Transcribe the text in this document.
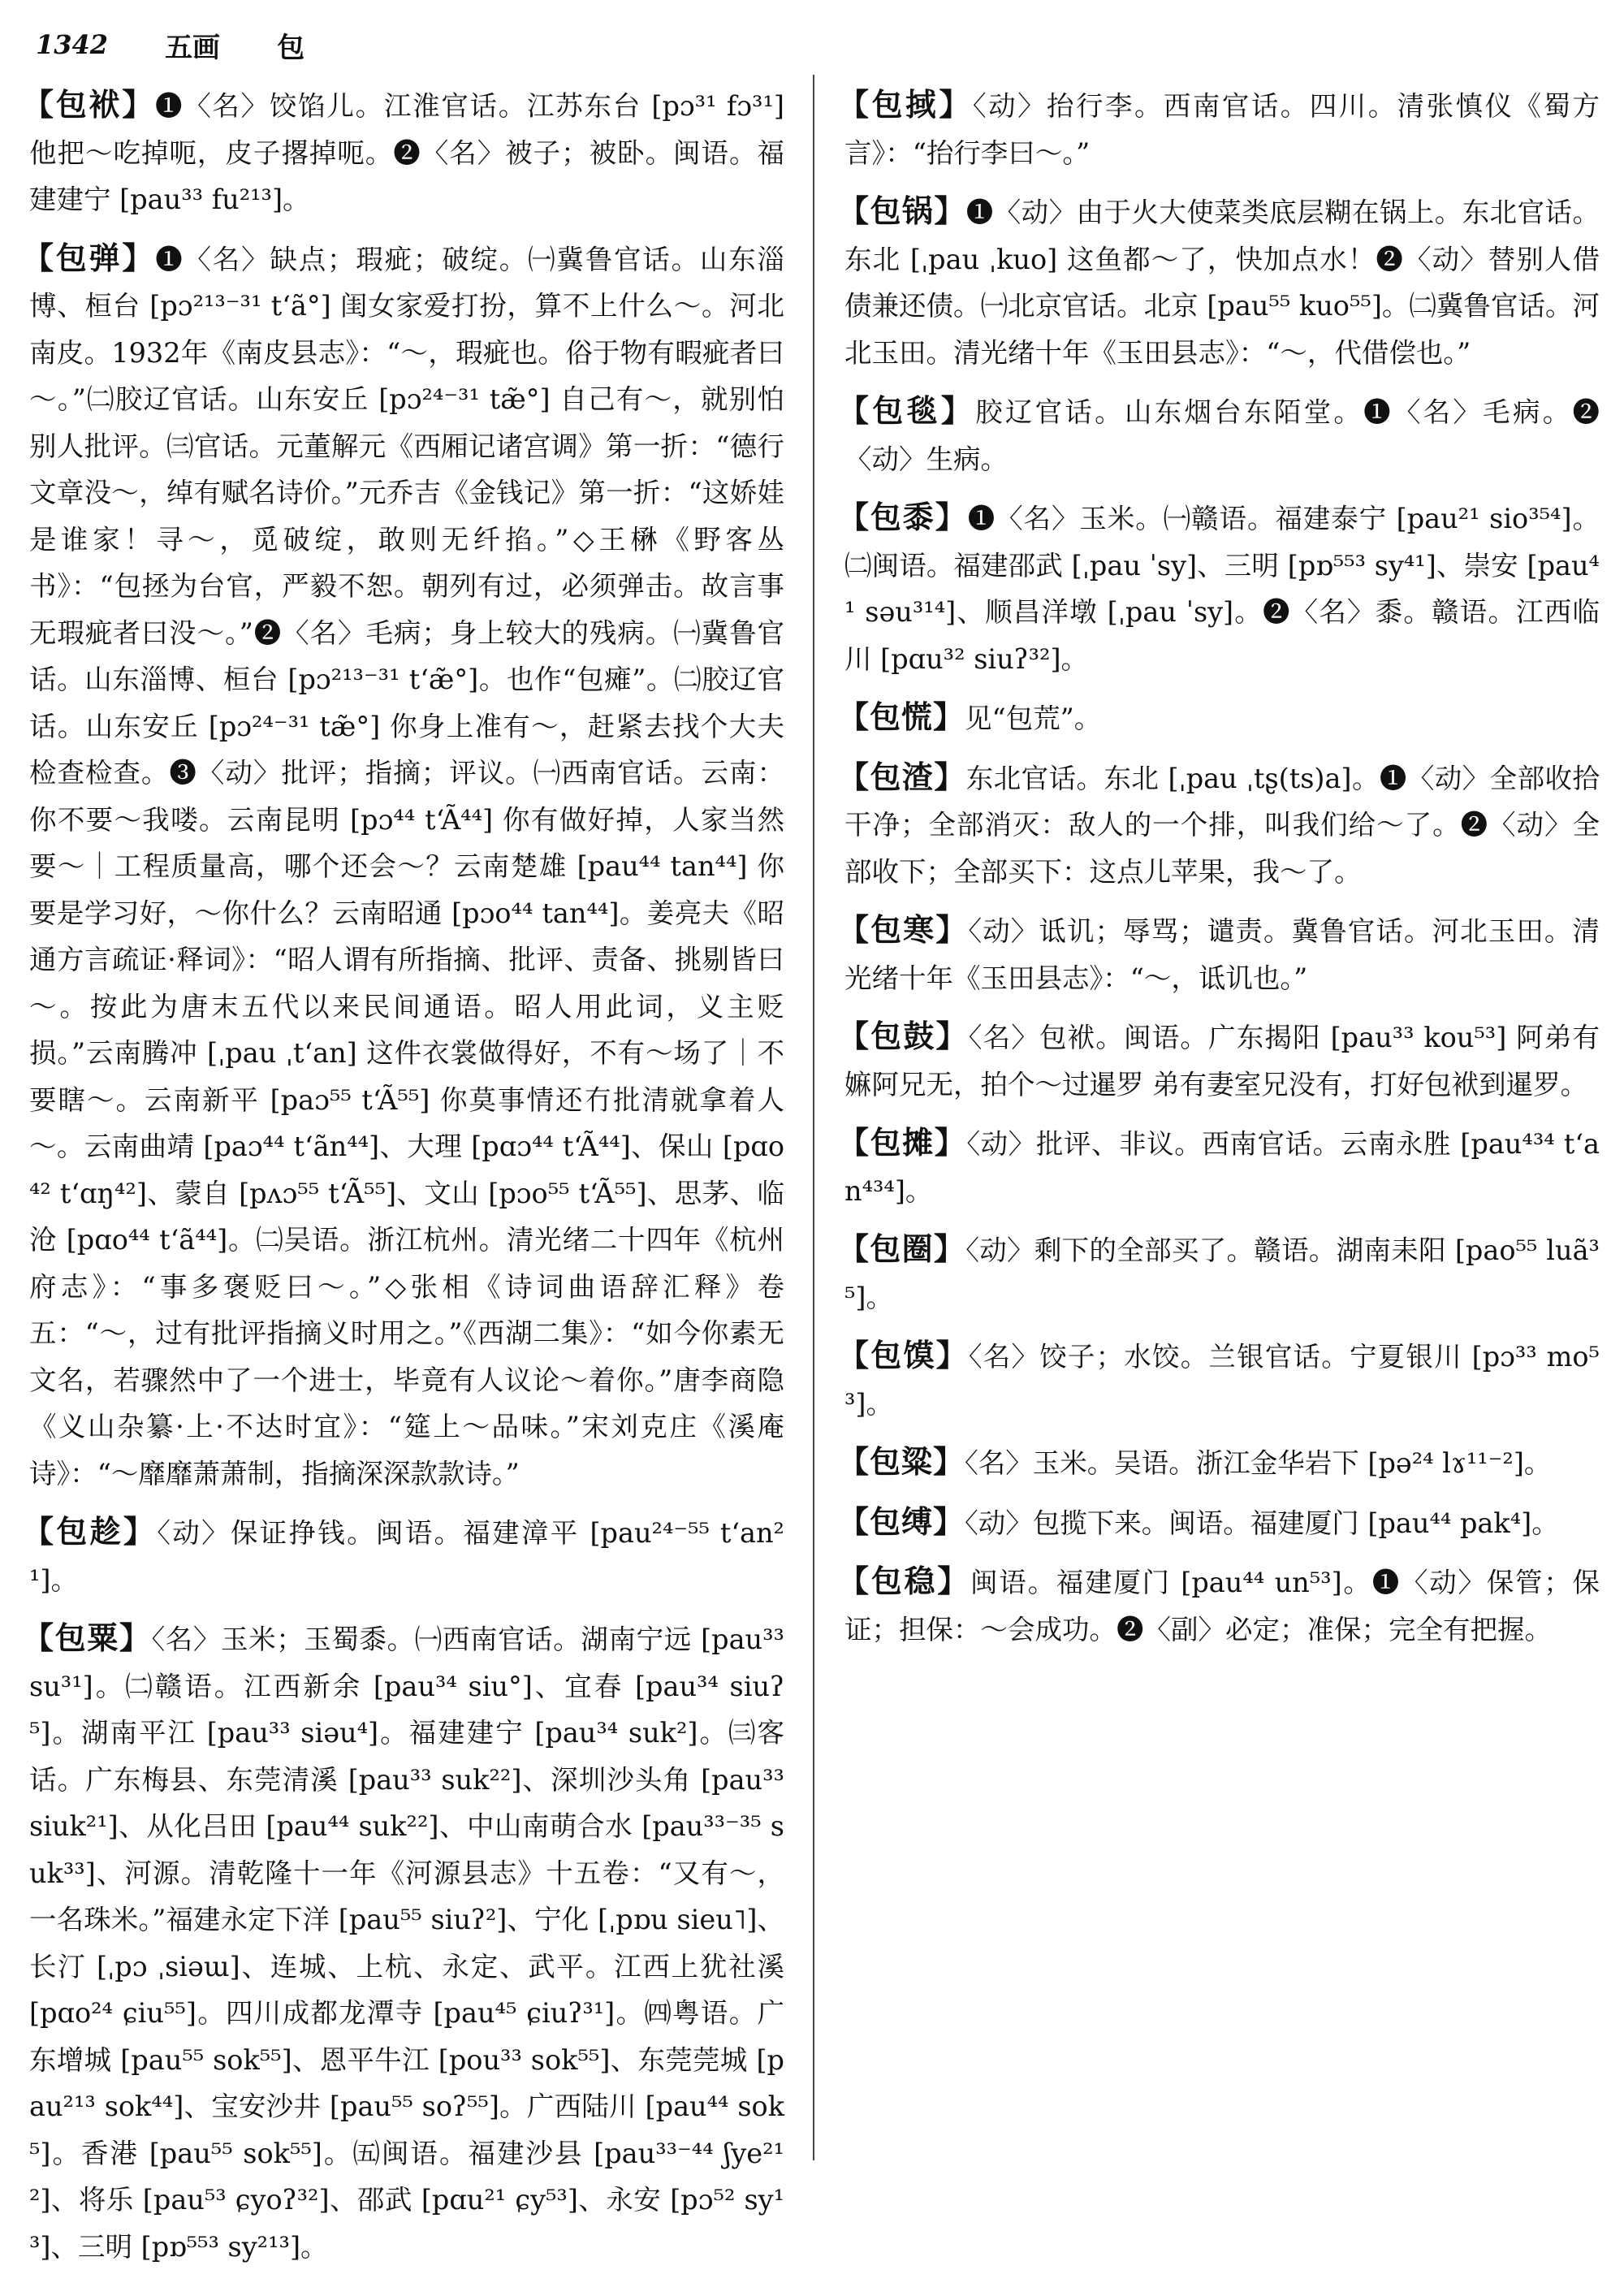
1342 五画 包

【包袱】❶〈名〉饺馅儿。江淮官话。江苏东台 [pɔ³¹ fɔ³¹] 他把～吃掉呃，皮子撂掉呃。❷〈名〉被子；被卧。闽语。福建建宁 [pau³³ fu²¹³]。

【包弹】❶〈名〉缺点；瑕疵；破绽。㈠冀鲁官话。山东淄博、桓台 [pɔ²¹³⁻³¹ tʻã°] 闺女家爱打扮，算不上什么～。河北南皮。1932年《南皮县志》：“～，瑕疵也。俗于物有暇疵者曰～。”㈡胶辽官话。山东安丘 [pɔ²⁴⁻³¹ tæ̃°] 自己有～，就别怕别人批评。㈢官话。元董解元《西厢记诸宫调》第一折：“德行文章没～，绰有赋名诗价。”元乔吉《金钱记》第一折：“这娇娃是谁家！寻～，觅破绽，敢则无纤掐。”◇王楙《野客丛书》：“包拯为台官，严毅不恕。朝列有过，必须弹击。故言事无瑕疵者曰没～。”❷〈名〉毛病；身上较大的残病。㈠冀鲁官话。山东淄博、桓台 [pɔ²¹³⁻³¹ tʻæ̃°]。也作“包瘫”。㈡胶辽官话。山东安丘 [pɔ²⁴⁻³¹ tæ̃°] 你身上准有～，赶紧去找个大夫检查检查。❸〈动〉批评；指摘；评议。㈠西南官话。云南：你不要～我喽。云南昆明 [pɔ⁴⁴ tʻÃ⁴⁴] 你有做好掉，人家当然要～｜工程质量高，哪个还会～？云南楚雄 [pau⁴⁴ tan⁴⁴] 你要是学习好，～你什么？云南昭通 [pɔo⁴⁴ tan⁴⁴]。姜亮夫《昭通方言疏证·释词》：“昭人谓有所指摘、批评、责备、挑剔皆曰～。按此为唐末五代以来民间通语。昭人用此词，义主贬损。”云南腾冲 [ˌpau ˌtʻan] 这件衣裳做得好，不有～场了｜不要瞎～。云南新平 [paɔ⁵⁵ tʻÃ⁵⁵] 你莫事情还冇批清就拿着人～。云南曲靖 [paɔ⁴⁴ tʻãn⁴⁴]、大理 [pɑɔ⁴⁴ tʻÃ⁴⁴]、保山 [pɑo⁴² tʻɑŋ⁴²]、蒙自 [pʌɔ⁵⁵ tʻÃ⁵⁵]、文山 [pɔo⁵⁵ tʻÃ⁵⁵]、思茅、临沧 [pɑo⁴⁴ tʻã⁴⁴]。㈡吴语。浙江杭州。清光绪二十四年《杭州府志》：“事多褒贬曰～。”◇张相《诗词曲语辞汇释》卷五：“～，过有批评指摘义时用之。”《西湖二集》：“如今你素无文名，若骤然中了一个进士，毕竟有人议论～着你。”唐李商隐《义山杂纂·上·不达时宜》：“筵上～品味。”宋刘克庄《溪庵诗》：“～靡靡萧萧制，指摘深深款款诗。”

【包趁】〈动〉保证挣钱。闽语。福建漳平 [pau²⁴⁻⁵⁵ tʻan²¹]。

【包粟】〈名〉玉米；玉蜀黍。㈠西南官话。湖南宁远 [pau³³ su³¹]。㈡赣语。江西新余 [pau³⁴ siu°]、宜春 [pau³⁴ siuʔ⁵]。湖南平江 [pau³³ siəu⁴]。福建建宁 [pau³⁴ suk²]。㈢客话。广东梅县、东莞清溪 [pau³³ suk²²]、深圳沙头角 [pau³³ siuk²¹]、从化吕田 [pau⁴⁴ suk²²]、中山南萌合水 [pau³³⁻³⁵ suk³³]、河源。清乾隆十一年《河源县志》十五卷：“又有～，一名珠米。”福建永定下洋 [pau⁵⁵ siuʔ²]、宁化 [ˌpɒu sieu˥]、长汀 [ˌpɔ ˌsiəɯ]、连城、上杭、永定、武平。江西上犹社溪 [pɑo²⁴ ɕiu⁵⁵]。四川成都龙潭寺 [pau⁴⁵ ɕiuʔ³¹]。㈣粤语。广东增城 [pau⁵⁵ sok⁵⁵]、恩平牛江 [pou³³ sok⁵⁵]、东莞莞城 [pau²¹³ sok⁴⁴]、宝安沙井 [pau⁵⁵ soʔ⁵⁵]。广西陆川 [pau⁴⁴ sok⁵]。香港 [pau⁵⁵ sok⁵⁵]。㈤闽语。福建沙县 [pau³³⁻⁴⁴ ʃye²¹²]、将乐 [pau⁵³ ɕyoʔ³²]、邵武 [pɑu²¹ ɕy⁵³]、永安 [pɔ⁵² sy¹³]、三明 [pɒ⁵⁵³ sy²¹³]。

【包掝】〈动〉抬行李。西南官话。四川。清张慎仪《蜀方言》：“抬行李曰～。”

【包锅】❶〈动〉由于火大使菜类底层糊在锅上。东北官话。东北 [ˌpau ˌkuo] 这鱼都～了，快加点水！❷〈动〉替别人借债兼还债。㈠北京官话。北京 [pau⁵⁵ kuo⁵⁵]。㈡冀鲁官话。河北玉田。清光绪十年《玉田县志》：“～，代借偿也。”

【包毯】胶辽官话。山东烟台东陌堂。❶〈名〉毛病。❷〈动〉生病。

【包黍】❶〈名〉玉米。㈠赣语。福建泰宁 [pau²¹ sio³⁵⁴]。㈡闽语。福建邵武 [ˌpau ˈsy]、三明 [pɒ⁵⁵³ sy⁴¹]、崇安 [pau⁴¹ səu³¹⁴]、顺昌洋墩 [ˌpau ˈsy]。❷〈名〉黍。赣语。江西临川 [pɑu³² siuʔ³²]。

【包慌】见“包荒”。

【包渣】东北官话。东北 [ˌpau ˌtʂ(ts)a]。❶〈动〉全部收拾干净；全部消灭：敌人的一个排，叫我们给～了。❷〈动〉全部收下；全部买下：这点儿苹果，我～了。

【包寒】〈动〉诋讥；辱骂；谴责。冀鲁官话。河北玉田。清光绪十年《玉田县志》：“～，诋讥也。”

【包鼓】〈名〉包袱。闽语。广东揭阳 [pau³³ kou⁵³] 阿弟有嫲阿兄无，拍个～过暹罗 弟有妻室兄没有，打好包袱到暹罗。

【包摊】〈动〉批评、非议。西南官话。云南永胜 [pau⁴³⁴ tʻan⁴³⁴]。

【包圈】〈动〉剩下的全部买了。赣语。湖南耒阳 [pao⁵⁵ luã³⁵]。

【包馍】〈名〉饺子；水饺。兰银官话。宁夏银川 [pɔ³³ mo⁵³]。

【包粱】〈名〉玉米。吴语。浙江金华岩下 [pə²⁴ lɤ¹¹⁻²]。

【包缚】〈动〉包揽下来。闽语。福建厦门 [pau⁴⁴ pak⁴]。

【包稳】闽语。福建厦门 [pau⁴⁴ un⁵³]。❶〈动〉保管；保证；担保：～会成功。❷〈副〉必定；准保；完全有把握。
